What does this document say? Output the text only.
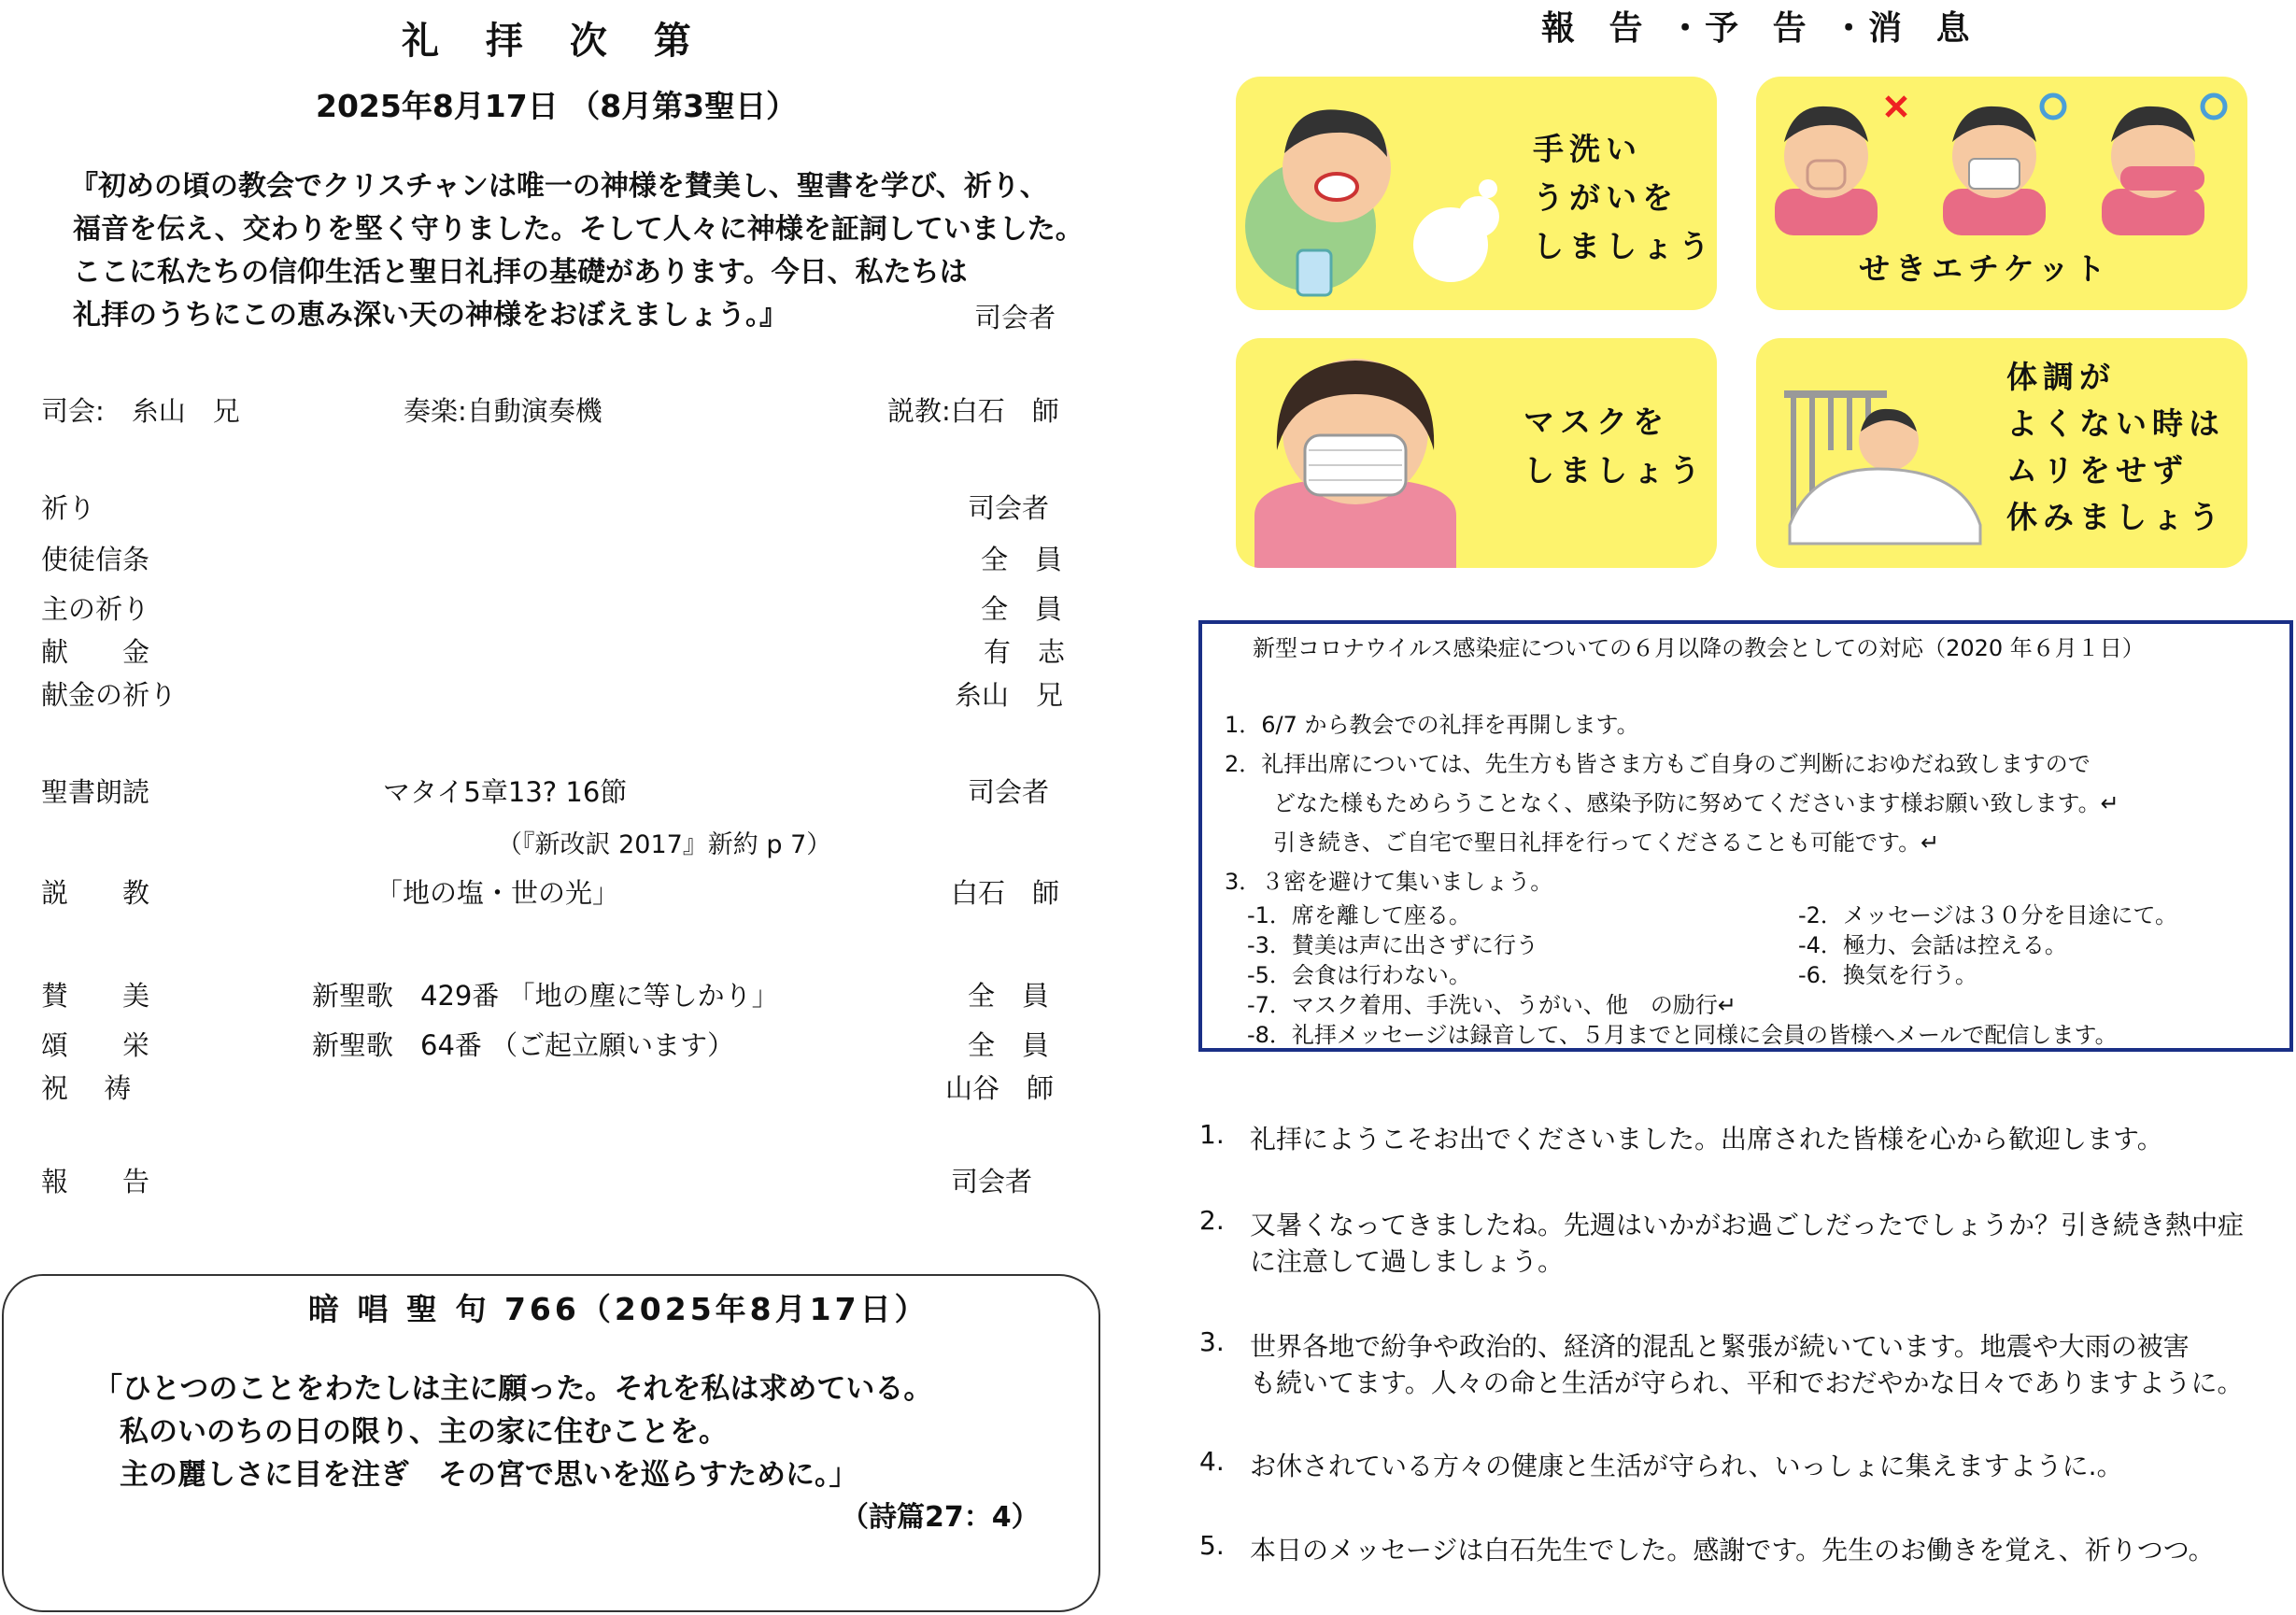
礼 拝 次 第
2025年8月17日 （8月第3聖日）
『初めの頃の教会でクリスチャンは唯一の神様を賛美し、聖書を学び、祈り、
福音を伝え、交わりを堅く守りました。そして人々に神様を証詞していました。
ここに私たちの信仰生活と聖日礼拝の基礎があります。今日、私たちは
礼拝のうちにこの恵み深い天の神様をおぼえましょう。』	司会者
司会:　糸山　兄	奏楽:自動演奏機	説教:白石　師
祈り	司会者
使徒信条	全　員
主の祈り	全　員
献　　金	有　志
献金の祈り	糸山　兄
聖書朗読	マタイ5章13? 16節	司会者
（『新改訳 2017』新約 p 7）
説　　教	「地の塩・世の光」	白石　師
賛　　美	新聖歌　429番 「地の塵に等しかり」	全　員
頌　　栄	新聖歌　64番 （ご起立願います）	全　員
祝　 祷	山谷　師
報　　告	司会者
暗 唱 聖 句 766（2025年8月17日）
「ひとつのことをわたしは主に願った。それを私は求めている。
私のいのちの日の限り、主の家に住むことを。
主の麗しさに目を注ぎ　その宮で思いを巡らすために。」
（詩篇27：4）
報 告 ･予 告 ･消 息
手洗い
うがいを
しましょう
せきエチケット
マスクを
しましょう
体調が
よくない時は
ムリをせず
休みましょう
新型コロナウイルス感染症についての６月以降の教会としての対応（2020 年６月１日）
1．6/7 から教会での礼拝を再開します。
2．礼拝出席については、先生方も皆さま方もご自身のご判断におゆだね致しますので
どなた様もためらうことなく、感染予防に努めてくださいます様お願い致します。↵
引き続き、ご自宅で聖日礼拝を行ってくださることも可能です。↵
3．３密を避けて集いましょう。
-1．席を離して座る。	-2．メッセージは３０分を目途にて。
-3．賛美は声に出さずに行う	-4．極力、会話は控える。
-5．会食は行わない。	-6．換気を行う。
-7．マスク着用、手洗い、うがい、他　の励行↵
-8．礼拝メッセージは録音して、５月までと同様に会員の皆様へメールで配信します。
1. 礼拝にようこそお出でくださいました。出席された皆様を心から歓迎します。
2. 又暑くなってきましたね。先週はいかがお過ごしだったでしょうか？引き続き熱中症
に注意して過しましょう。
3. 世界各地で紛争や政治的、経済的混乱と緊張が続いています。地震や大雨の被害
も続いてます。人々の命と生活が守られ、平和でおだやかな日々でありますように。
4. お休されている方々の健康と生活が守られ、いっしょに集えますように.。
5. 本日のメッセージは白石先生でした。感謝です。先生のお働きを覚え、祈りつつ。
